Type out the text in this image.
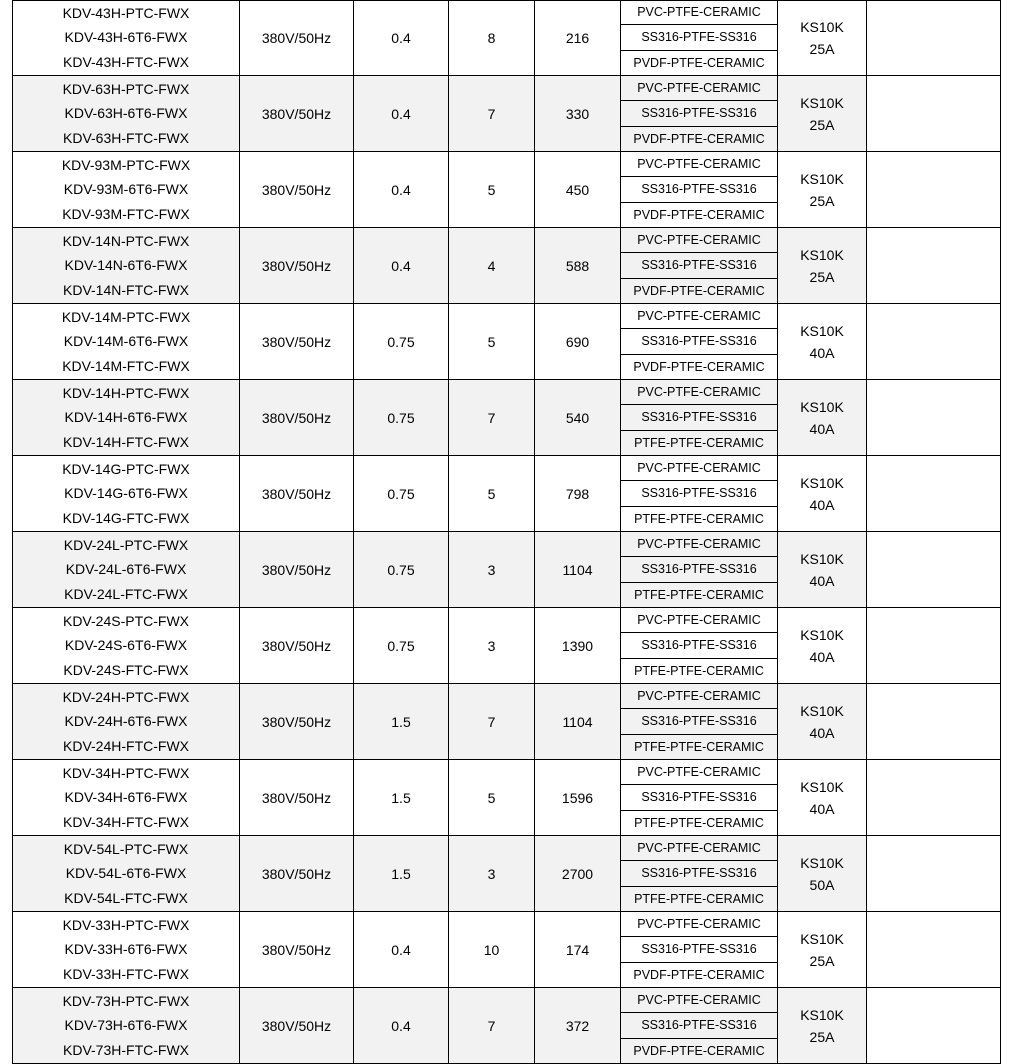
KDV-43H-PTC-FWX
KDV-43H-6T6-FWX
KDV-43H-FTC-FWX
380V/50Hz	0.4	8	216
PVC-PTFE-CERAMIC
SS316-PTFE-SS316
PVDF-PTFE-CERAMIC
KS10K
25A
KDV-63H-PTC-FWX
KDV-63H-6T6-FWX
KDV-63H-FTC-FWX
380V/50Hz	0.4	7	330
PVC-PTFE-CERAMIC
SS316-PTFE-SS316
PVDF-PTFE-CERAMIC
KS10K
25A
KDV-93M-PTC-FWX
KDV-93M-6T6-FWX
KDV-93M-FTC-FWX
380V/50Hz	0.4	5	450
PVC-PTFE-CERAMIC
SS316-PTFE-SS316
PVDF-PTFE-CERAMIC
KS10K
25A
KDV-14N-PTC-FWX
KDV-14N-6T6-FWX
KDV-14N-FTC-FWX
380V/50Hz	0.4	4	588
PVC-PTFE-CERAMIC
SS316-PTFE-SS316
PVDF-PTFE-CERAMIC
KS10K
25A
KDV-14M-PTC-FWX
KDV-14M-6T6-FWX
KDV-14M-FTC-FWX
380V/50Hz	0.75	5	690
PVC-PTFE-CERAMIC
SS316-PTFE-SS316
PVDF-PTFE-CERAMIC
KS10K
40A
KDV-14H-PTC-FWX
KDV-14H-6T6-FWX
KDV-14H-FTC-FWX
380V/50Hz	0.75	7	540
PVC-PTFE-CERAMIC
SS316-PTFE-SS316
PTFE-PTFE-CERAMIC
KS10K
40A
KDV-14G-PTC-FWX
KDV-14G-6T6-FWX
KDV-14G-FTC-FWX
380V/50Hz	0.75	5	798
PVC-PTFE-CERAMIC
SS316-PTFE-SS316
PTFE-PTFE-CERAMIC
KS10K
40A
KDV-24L-PTC-FWX
KDV-24L-6T6-FWX
KDV-24L-FTC-FWX
380V/50Hz	0.75	3	1104
PVC-PTFE-CERAMIC
SS316-PTFE-SS316
PTFE-PTFE-CERAMIC
KS10K
40A
KDV-24S-PTC-FWX
KDV-24S-6T6-FWX
KDV-24S-FTC-FWX
380V/50Hz	0.75	3	1390
PVC-PTFE-CERAMIC
SS316-PTFE-SS316
PTFE-PTFE-CERAMIC
KS10K
40A
KDV-24H-PTC-FWX
KDV-24H-6T6-FWX
KDV-24H-FTC-FWX
380V/50Hz	1.5	7	1104
PVC-PTFE-CERAMIC
SS316-PTFE-SS316
PTFE-PTFE-CERAMIC
KS10K
40A
KDV-34H-PTC-FWX
KDV-34H-6T6-FWX
KDV-34H-FTC-FWX
380V/50Hz	1.5	5	1596
PVC-PTFE-CERAMIC
SS316-PTFE-SS316
PTFE-PTFE-CERAMIC
KS10K
40A
KDV-54L-PTC-FWX
KDV-54L-6T6-FWX
KDV-54L-FTC-FWX
380V/50Hz	1.5	3	2700
PVC-PTFE-CERAMIC
SS316-PTFE-SS316
PTFE-PTFE-CERAMIC
KS10K
50A
KDV-33H-PTC-FWX
KDV-33H-6T6-FWX
KDV-33H-FTC-FWX
380V/50Hz	0.4	10	174
PVC-PTFE-CERAMIC
SS316-PTFE-SS316
PVDF-PTFE-CERAMIC
KS10K
25A
KDV-73H-PTC-FWX
KDV-73H-6T6-FWX
KDV-73H-FTC-FWX
380V/50Hz	0.4	7	372
PVC-PTFE-CERAMIC
SS316-PTFE-SS316
PVDF-PTFE-CERAMIC
KS10K
25A
